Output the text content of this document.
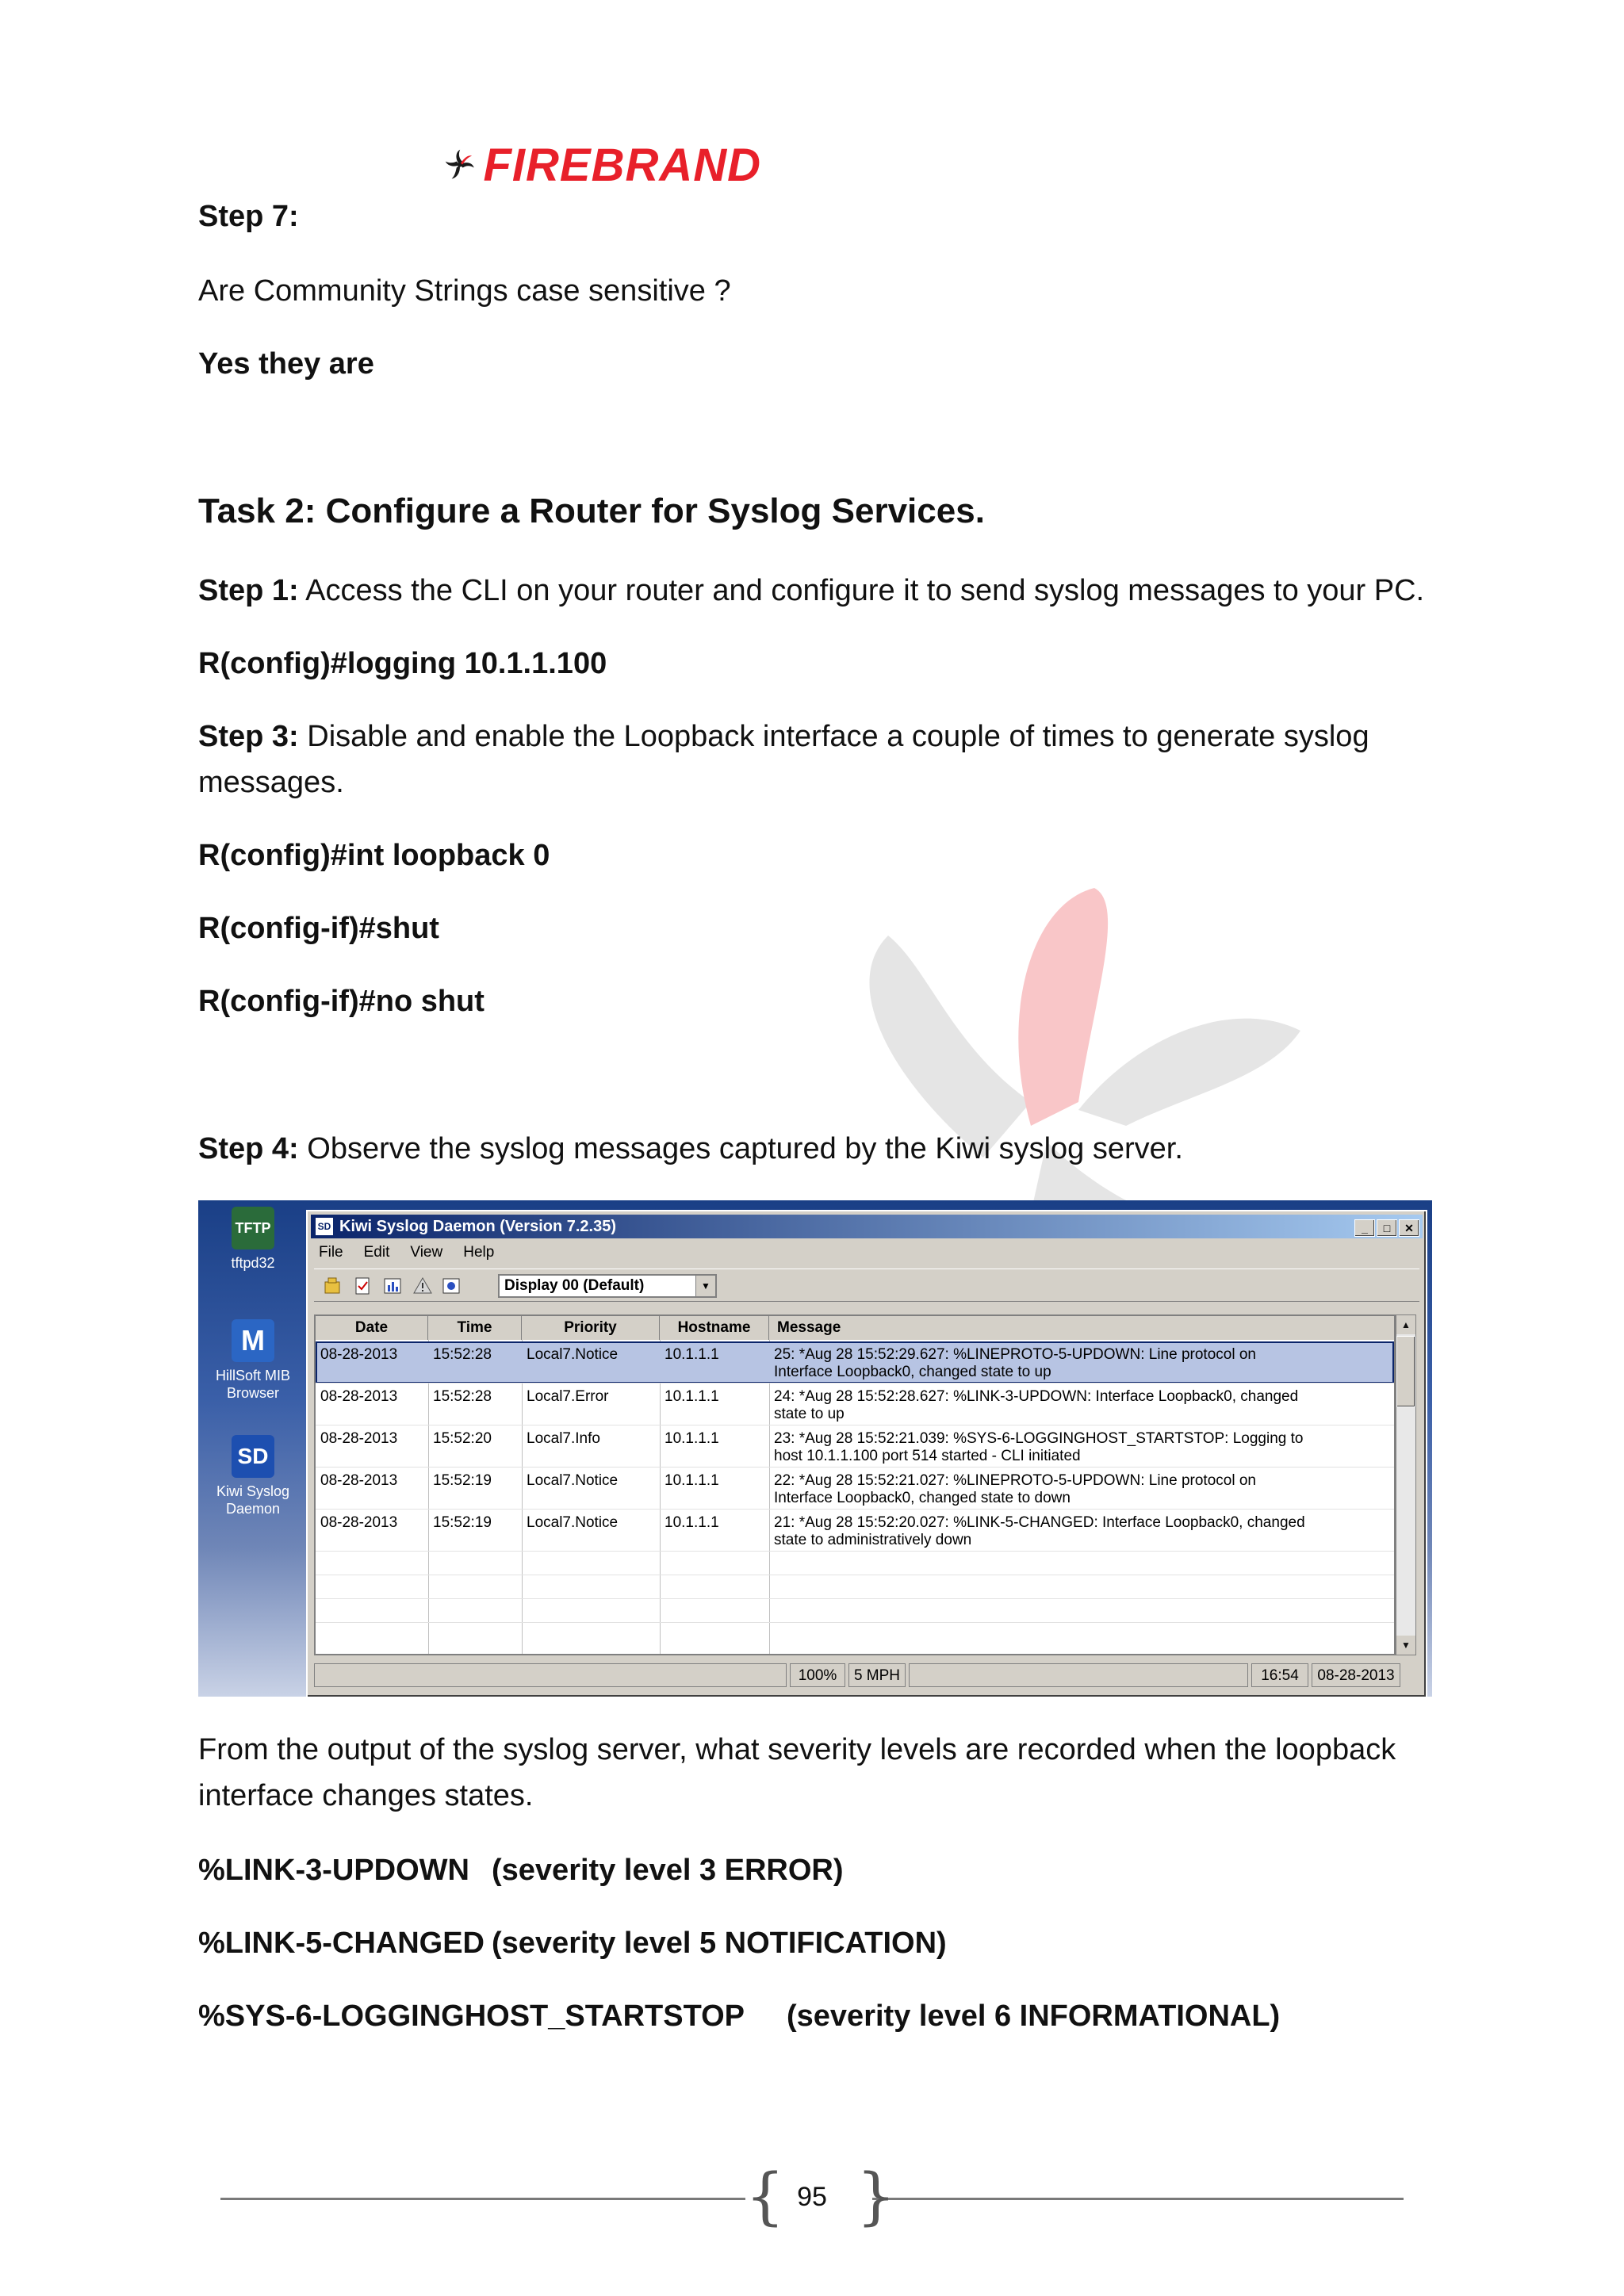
FIREBRAND
Step 7:
Are Community Strings case sensitive ?
Yes they are
Task 2: Configure a Router for Syslog Services.
Step 1: Access the CLI on your router and configure it to send syslog messages to your PC.
R(config)#logging 10.1.1.100
Step 3: Disable and enable the Loopback interface a couple of times to generate syslog
messages.
R(config)#int loopback 0
R(config-if)#shut
R(config-if)#no shut
Step 4: Observe the syslog messages captured by the Kiwi syslog server.
TFTP
tftpd32
M
HillSoft MIB Browser
SD
Kiwi Syslog Daemon
SD Kiwi Syslog Daemon (Version 7.2.35)	_	□	✕
File Edit View Help
Display 00 (Default)	▼
Date	Time	Priority	Hostname	Message
08-28-2013	15:52:28	Local7.Notice	10.1.1.1	25: *Aug 28 15:52:29.627: %LINEPROTO-5-UPDOWN: Line protocol on
Interface Loopback0, changed state to up
08-28-2013	15:52:28	Local7.Error	10.1.1.1	24: *Aug 28 15:52:28.627: %LINK-3-UPDOWN: Interface Loopback0, changed
state to up
08-28-2013	15:52:20	Local7.Info	10.1.1.1	23: *Aug 28 15:52:21.039: %SYS-6-LOGGINGHOST_STARTSTOP: Logging to
host 10.1.1.100 port 514 started - CLI initiated
08-28-2013	15:52:19	Local7.Notice	10.1.1.1	22: *Aug 28 15:52:21.027: %LINEPROTO-5-UPDOWN: Line protocol on
Interface Loopback0, changed state to down
08-28-2013	15:52:19	Local7.Notice	10.1.1.1	21: *Aug 28 15:52:20.027: %LINK-5-CHANGED: Interface Loopback0, changed
state to administratively down
▲
▼
100%	5 MPH	16:54	08-28-2013
From the output of the syslog server, what severity levels are recorded when the loopback
interface changes states.
%LINK-3-UPDOWN (severity level 3 ERROR)
%LINK-5-CHANGED (severity level 5 NOTIFICATION)
%SYS-6-LOGGINGHOST_STARTSTOP (severity level 6 INFORMATIONAL)
{ }
95
